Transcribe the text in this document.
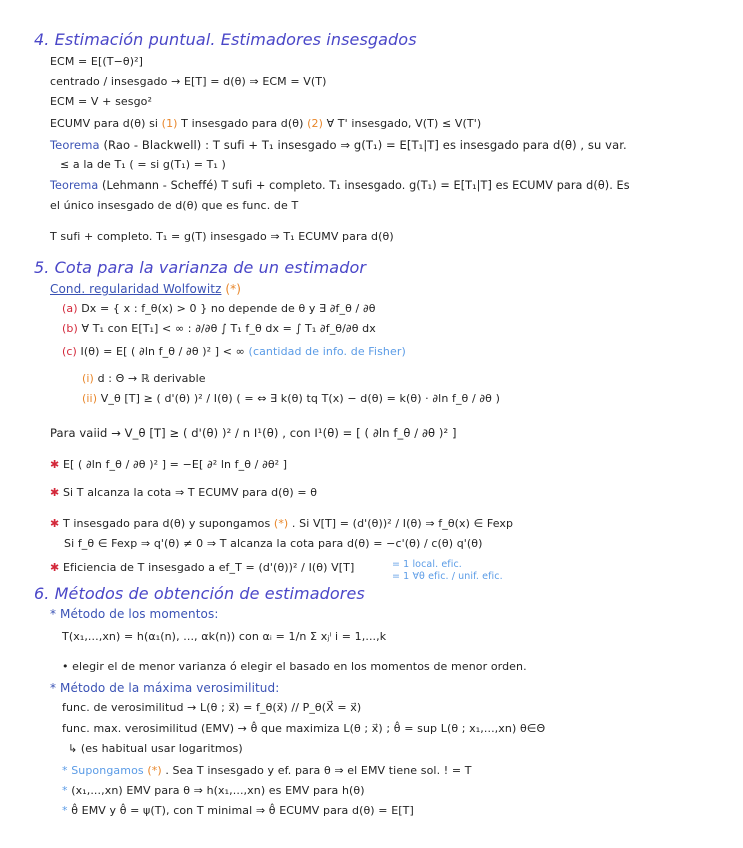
4. Estimación puntual. Estimadores insesgados
ECM = E[(T−θ)²]
centrado / insesgado → E[T] = d(θ) ⇒ ECM = V(T)
ECM = V + sesgo²
ECUMV para d(θ) si (1) T insesgado para d(θ) (2) ∀ T' insesgado, V(T) ≤ V(T')
Teorema (Rao - Blackwell) : T sufi + T₁ insesgado ⇒ g(T₁) = E[T₁|T] es insesgado para d(θ) , su var.
≤ a la de T₁ ( = si g(T₁) = T₁ )
Teorema (Lehmann - Scheffé) T sufi + completo. T₁ insesgado. g(T₁) = E[T₁|T] es ECUMV para d(θ). Es
el único insesgado de d(θ) que es func. de T
T sufi + completo. T₁ = g(T) insesgado ⇒ T₁ ECUMV para d(θ)
5. Cota para la varianza de un estimador
Cond. regularidad Wolfowitz (*)
(a) Dx = { x : f_θ(x) > 0 } no depende de θ y ∃ ∂f_θ / ∂θ
(b) ∀ T₁ con E[T₁] < ∞ : ∂/∂θ ∫ T₁ f_θ dx = ∫ T₁ ∂f_θ/∂θ dx
(c) I(θ) = E[ ( ∂ln f_θ / ∂θ )² ] < ∞ (cantidad de info. de Fisher)
(i) d : Θ → ℝ derivable
(ii) V_θ [T] ≥ ( d'(θ) )² / I(θ) ( = ⇔ ∃ k(θ) tq T(x) − d(θ) = k(θ) · ∂ln f_θ / ∂θ )
Para vaiid → V_θ [T] ≥ ( d'(θ) )² / n I¹(θ) , con I¹(θ) = [ ( ∂ln f_θ / ∂θ )² ]
✱ E[ ( ∂ln f_θ / ∂θ )² ] = −E[ ∂² ln f_θ / ∂θ² ]
✱ Si T alcanza la cota ⇒ T ECUMV para d(θ) = θ
✱ T insesgado para d(θ) y supongamos (*) . Si V[T] = (d'(θ))² / I(θ) ⇒ f_θ(x) ∈ Fexp
Si f_θ ∈ Fexp ⇒ q'(θ) ≠ 0 ⇒ T alcanza la cota para d(θ) = −c'(θ) / c(θ) q'(θ)
✱ Eficiencia de T insesgado a ef_T = (d'(θ))² / I(θ) V[T]	= 1 local. efic.
= 1 ∀θ efic. / unif. efic.
6. Métodos de obtención de estimadores
* Método de los momentos:
T(x₁,...,xn) = h(α₁(n), ..., αk(n)) con αᵢ = 1/n Σ xⱼⁱ i = 1,...,k
• elegir el de menor varianza ó elegir el basado en los momentos de menor orden.
* Método de la máxima verosimilitud:
func. de verosimilitud → L(θ ; x⃗) = f_θ(x⃗) // P_θ(X⃗ = x⃗)
func. max. verosimilitud (EMV) → θ̂ que maximiza L(θ ; x⃗) ; θ̂ = sup L(θ ; x₁,...,xn) θ∈Θ
↳ (es habitual usar logaritmos)
* Supongamos (*) . Sea T insesgado y ef. para θ ⇒ el EMV tiene sol. ! = T
* (x₁,...,xn) EMV para θ ⇒ h(x₁,...,xn) es EMV para h(θ)
* θ̂ EMV y θ̂ = ψ(T), con T minimal ⇒ θ̂ ECUMV para d(θ) = E[T]
